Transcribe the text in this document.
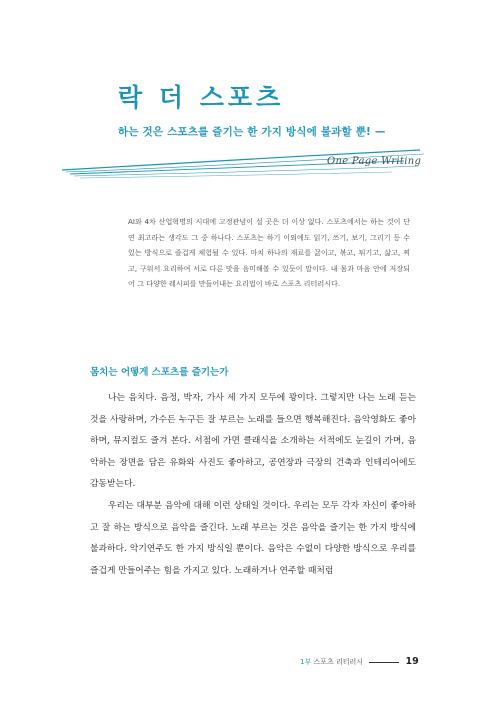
락 더 스포츠
하는 것은 스포츠를 즐기는 한 가지 방식에 불과할 뿐! —
One Page Writing

AI와 4차 산업혁명의 시대에 고정관념이 설 곳은 더 이상 없다. 스포츠에서는 하는 것이 단연 최고라는 생각도 그 중 하나다. 스포츠는 하기 이외에도 읽기, 쓰기, 보기, 그리기 등 수 있는 방식으로 즐겁게 체험될 수 있다. 마치 하나의 재료를 끓이고, 볶고, 튀기고, 삶고, 찌고, 구워서 요리하여 서로 다른 맛을 음미해볼 수 있듯이 말이다. 내 몸과 마음 안에 저장되어 그 다양한 레시피를 만들어내는 요리법이 바로 스포츠 리터러시다.

몸치는 어떻게 스포츠를 즐기는가

나는 음치다. 음정, 박자, 가사 세 가지 모두에 꽝이다. 그렇지만 나는 노래 듣는 것을 사랑하며, 가수든 누구든 잘 부르는 노래를 들으면 행복해진다. 음악영화도 좋아하며, 뮤지컬도 즐겨 본다. 서점에 가면 클래식을 소개하는 서적에도 눈길이 가며, 음악하는 장면을 담은 유화와 사진도 좋아하고, 공연장과 극장의 건축과 인테리어에도 감동받는다.

우리는 대부분 음악에 대해 이런 상태일 것이다. 우리는 모두 각자 자신이 좋아하고 잘 하는 방식으로 음악을 즐긴다. 노래 부르는 것은 음악을 즐기는 한 가지 방식에 불과하다. 악기연주도 한 가지 방식일 뿐이다. 음악은 수없이 다양한 방식으로 우리를 즐겁게 만들어주는 힘을 가지고 있다. 노래하거나 연주할 때처럼

1부 스포츠 리터러시	19
